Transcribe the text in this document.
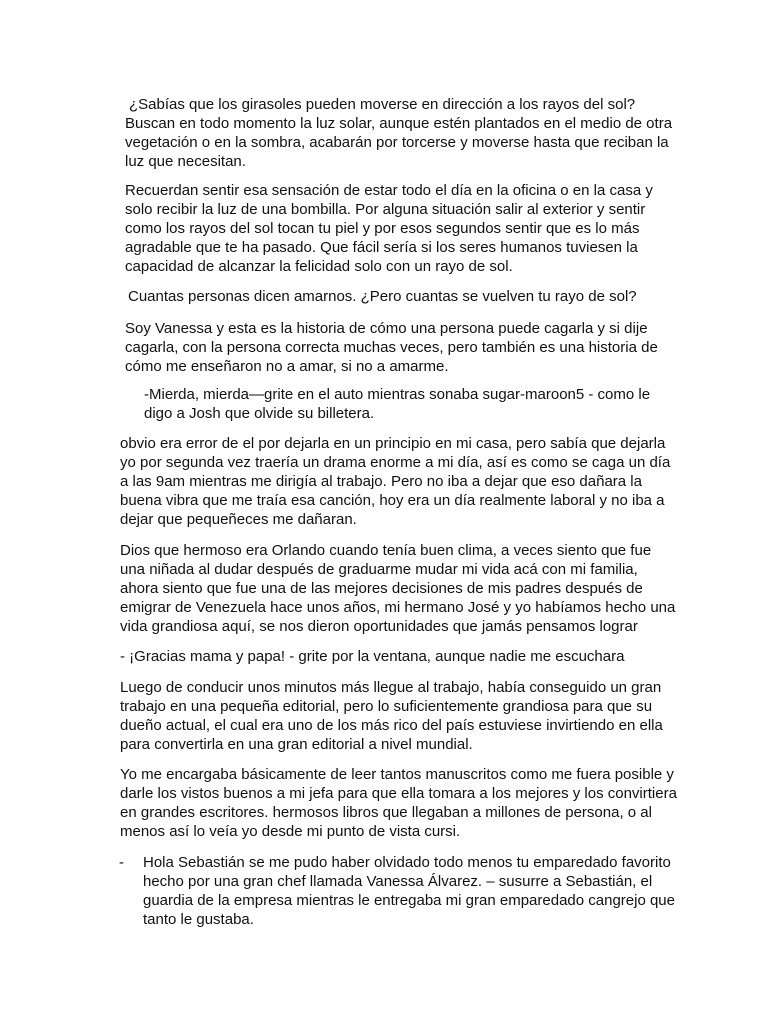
¿Sabías que los girasoles pueden moverse en dirección a los rayos del sol? Buscan en todo momento la luz solar, aunque estén plantados en el medio de otra vegetación o en la sombra, acabarán por torcerse y moverse hasta que reciban la luz que necesitan.

Recuerdan sentir esa sensación de estar todo el día en la oficina o en la casa y solo recibir la luz de una bombilla. Por alguna situación salir al exterior y sentir como los rayos del sol tocan tu piel y por esos segundos sentir que es lo más agradable que te ha pasado. Que fácil sería si los seres humanos tuviesen la capacidad de alcanzar la felicidad solo con un rayo de sol.

Cuantas personas dicen amarnos. ¿Pero cuantas se vuelven tu rayo de sol?

Soy Vanessa y esta es la historia de cómo una persona puede cagarla y si dije cagarla, con la persona correcta muchas veces, pero también es una historia de cómo me enseñaron no a amar, si no a amarme.

-Mierda, mierda—grite en el auto mientras sonaba sugar-maroon5 - como le digo a Josh que olvide su billetera.

obvio era error de el por dejarla en un principio en mi casa, pero sabía que dejarla yo por segunda vez traería un drama enorme a mi día, así es como se caga un día a las 9am mientras me dirigía al trabajo. Pero no iba a dejar que eso dañara la buena vibra que me traía esa canción, hoy era un día realmente laboral y no iba a dejar que pequeñeces me dañaran.

Dios que hermoso era Orlando cuando tenía buen clima, a veces siento que fue una niñada al dudar después de graduarme mudar mi vida acá con mi familia, ahora siento que fue una de las mejores decisiones de mis padres después de emigrar de Venezuela hace unos años, mi hermano José y yo habíamos hecho una vida grandiosa aquí, se nos dieron oportunidades que jamás pensamos lograr

- ¡Gracias mama y papa! - grite por la ventana, aunque nadie me escuchara

Luego de conducir unos minutos más llegue al trabajo, había conseguido un gran trabajo en una pequeña editorial, pero lo suficientemente grandiosa para que su dueño actual, el cual era uno de los más rico del país estuviese invirtiendo en ella para convertirla en una gran editorial a nivel mundial.

Yo me encargaba básicamente de leer tantos manuscritos como me fuera posible y darle los vistos buenos a mi jefa para que ella tomara a los mejores y los convirtiera en grandes escritores. hermosos libros que llegaban a millones de persona, o al menos así lo veía yo desde mi punto de vista cursi.

- Hola Sebastián se me pudo haber olvidado todo menos tu emparedado favorito hecho por una gran chef llamada Vanessa Álvarez. – susurre a Sebastián, el guardia de la empresa mientras le entregaba mi gran emparedado cangrejo que tanto le gustaba.
